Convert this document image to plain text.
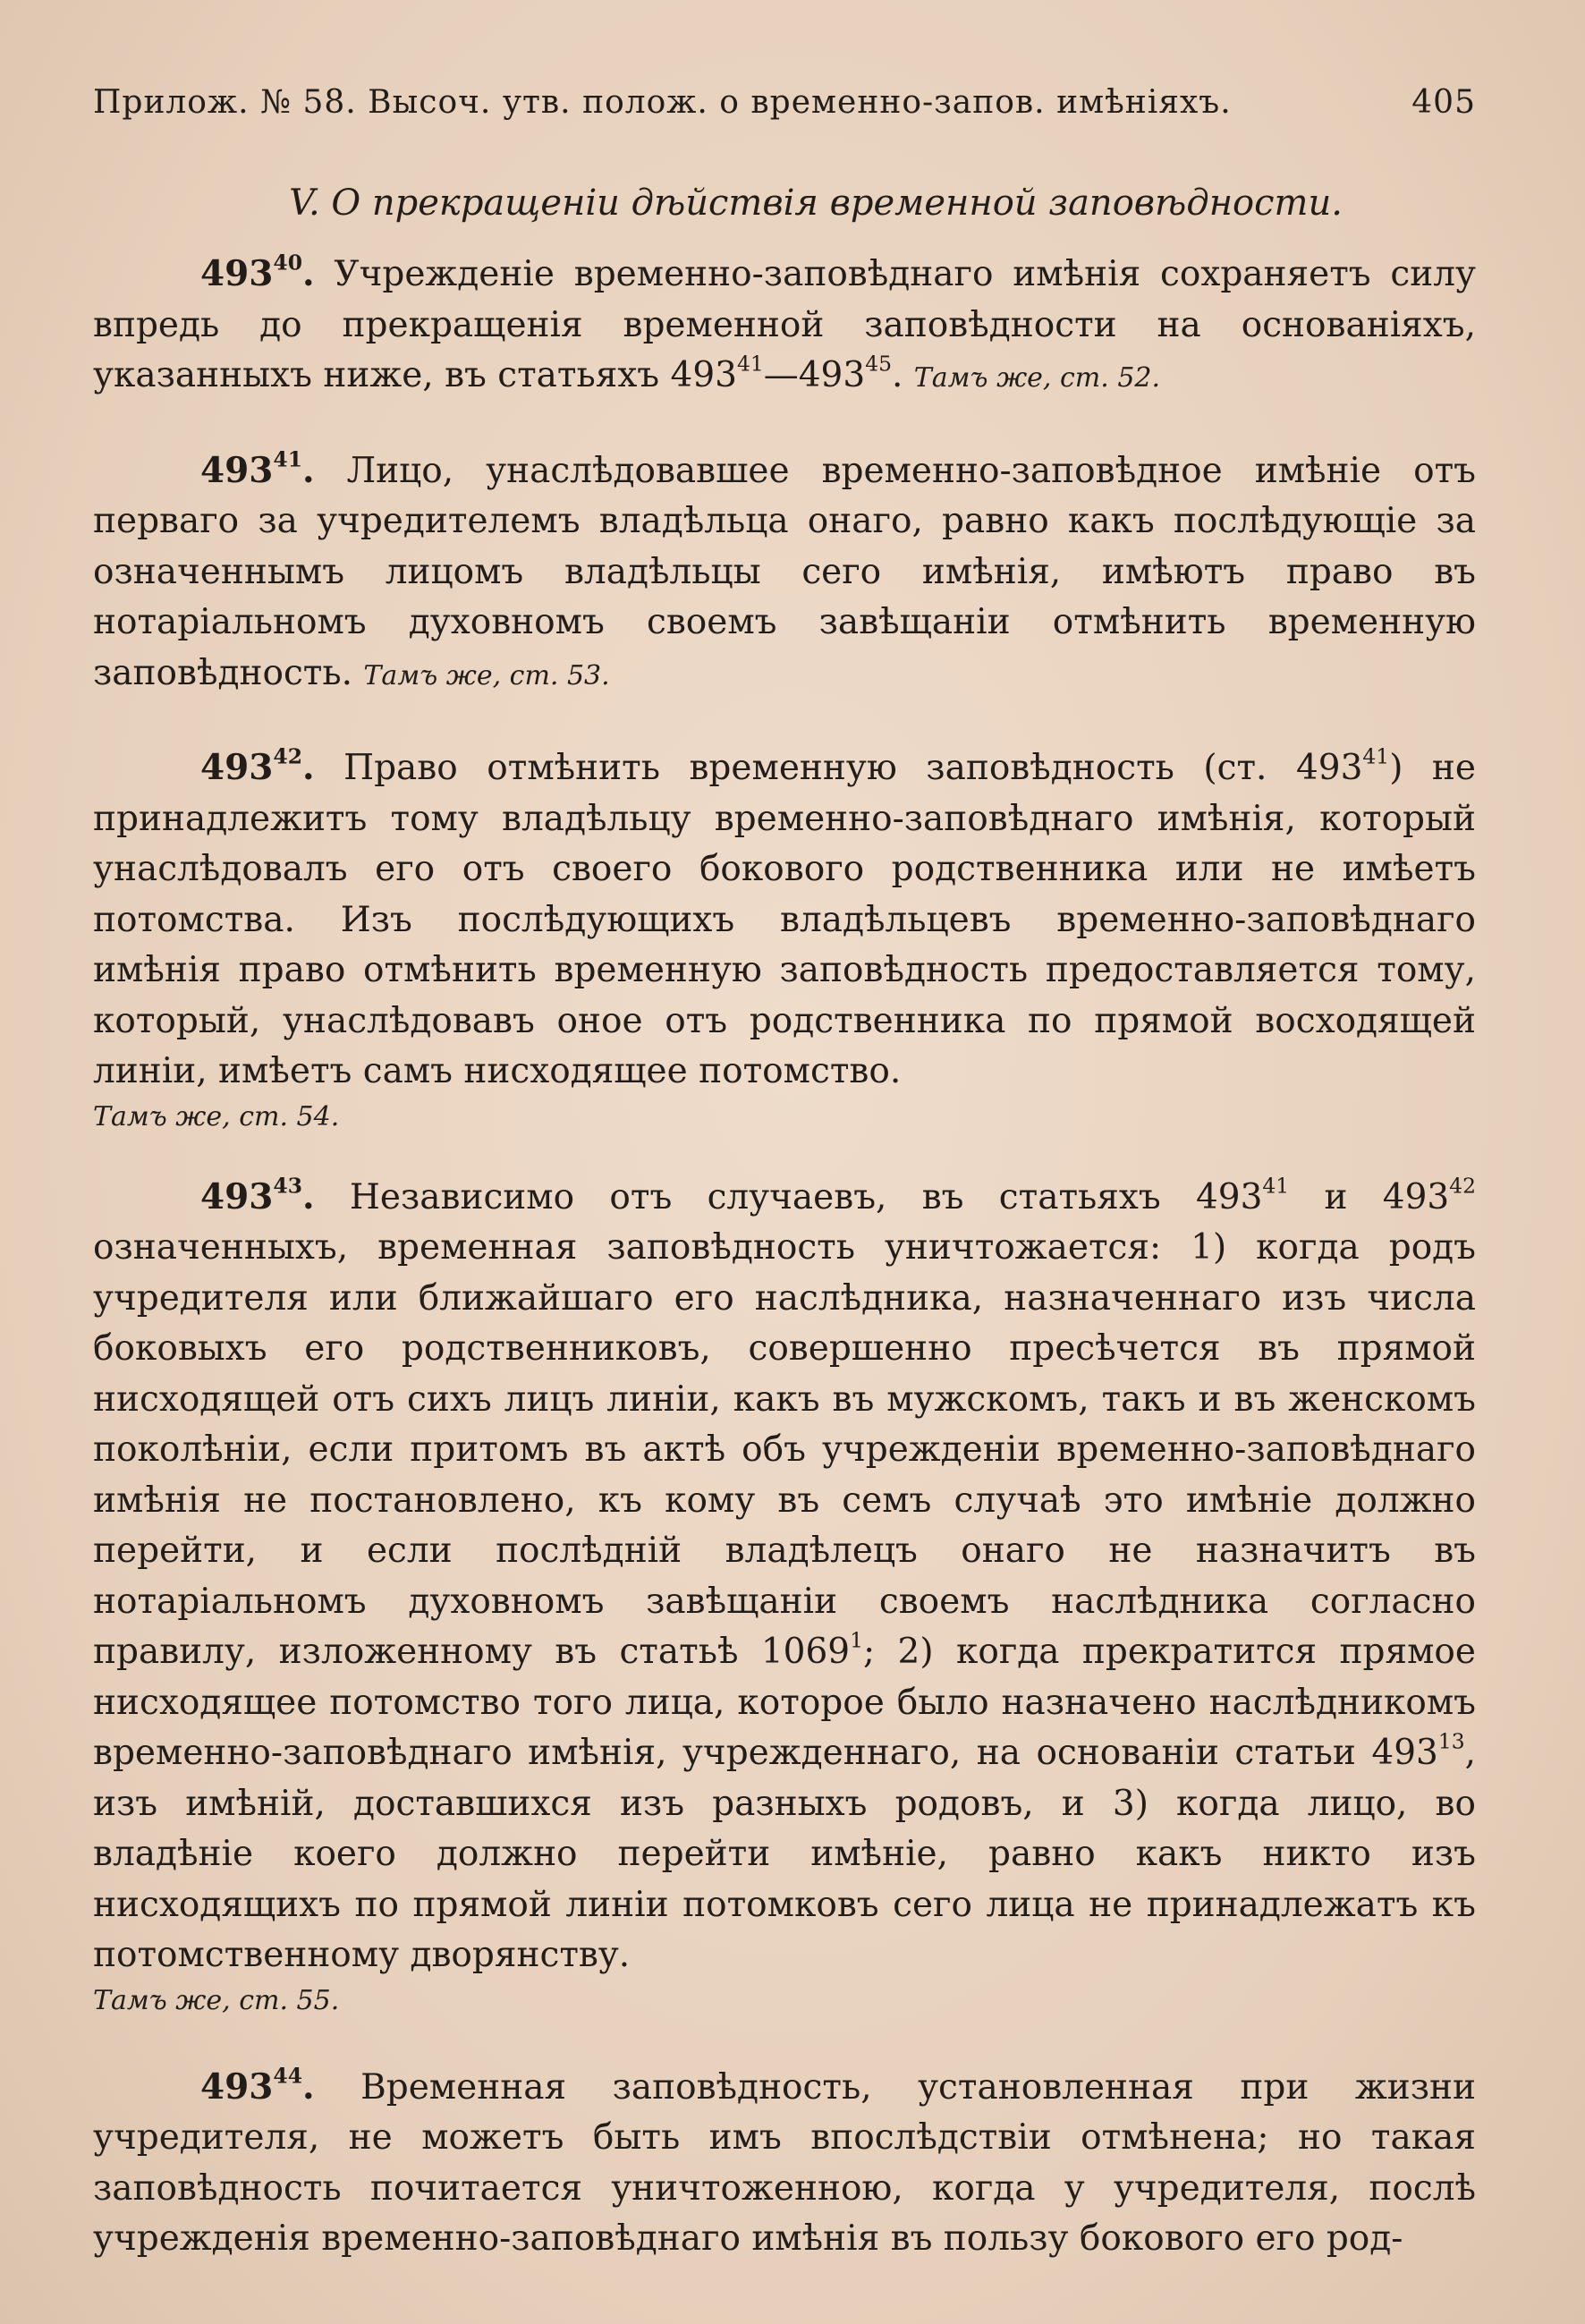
Прилож. № 58. Высоч. утв. полож. о временно-запов. имѣніяхъ.	405
V. О прекращеніи дѣйствія временной заповѣдности.

$493^{40}$. Учрежденіе временно-заповѣднаго имѣнія сохраняетъ силу впредь до прекращенія временной заповѣдности на основаніяхъ, указанныхъ ниже, въ статьяхъ $493^{41}—493^{45}$. Тамъ же, ст. 52.

$493^{41}$. Лицо, унаслѣдовавшее временно-заповѣдное имѣніе отъ перваго за учредителемъ владѣльца онаго, равно какъ послѣдующіе за означеннымъ лицомъ владѣльцы сего имѣнія, имѣютъ право въ нотаріальномъ духовномъ своемъ завѣщаніи отмѣнить временную заповѣдность. Тамъ же, ст. 53.

$493^{42}$. Право отмѣнить временную заповѣдность (ст. $493^{41}$) не принадлежитъ тому владѣльцу временно-заповѣднаго имѣнія, который унаслѣдовалъ его отъ своего бокового родственника или не имѣетъ потомства. Изъ послѣдующихъ владѣльцевъ временно-заповѣднаго имѣнія право отмѣнить временную заповѣдность предоставляется тому, который, унаслѣдовавъ оное отъ родственника по прямой восходящей линіи, имѣетъ самъ нисходящее потомство.
Тамъ же, ст. 54.

$493^{43}$. Независимо отъ случаевъ, въ статьяхъ $493^{41}$ и $493^{42}$ означенныхъ, временная заповѣдность уничтожается: 1) когда родъ учредителя или ближайшаго его наслѣдника, назначеннаго изъ числа боковыхъ его родственниковъ, совершенно пресѣчется въ прямой нисходящей отъ сихъ лицъ линіи, какъ въ мужскомъ, такъ и въ женскомъ поколѣніи, если притомъ въ актѣ объ учрежденіи временно-заповѣднаго имѣнія не постановлено, къ кому въ семъ случаѣ это имѣніе должно перейти, и если послѣдній владѣлецъ онаго не назначитъ въ нотаріальномъ духовномъ завѣщаніи своемъ наслѣдника согласно правилу, изложенному въ статьѣ 1069$^1$; 2) когда прекратится прямое нисходящее потомство того лица, которое было назначено наслѣдникомъ временно-заповѣднаго имѣнія, учрежденнаго, на основаніи статьи $493^{13}$, изъ имѣній, доставшихся изъ разныхъ родовъ, и 3) когда лицо, во владѣніе коего должно перейти имѣніе, равно какъ никто изъ нисходящихъ по прямой линіи потомковъ сего лица не принадлежатъ къ потомственному дворянству.
Тамъ же, ст. 55.

$493^{44}$. Временная заповѣдность, установленная при жизни учредителя, не можетъ быть имъ впослѣдствіи отмѣнена; но такая заповѣдность почитается уничтоженною, когда у учредителя, послѣ учрежденія временно-заповѣднаго имѣнія въ пользу бокового его род-
